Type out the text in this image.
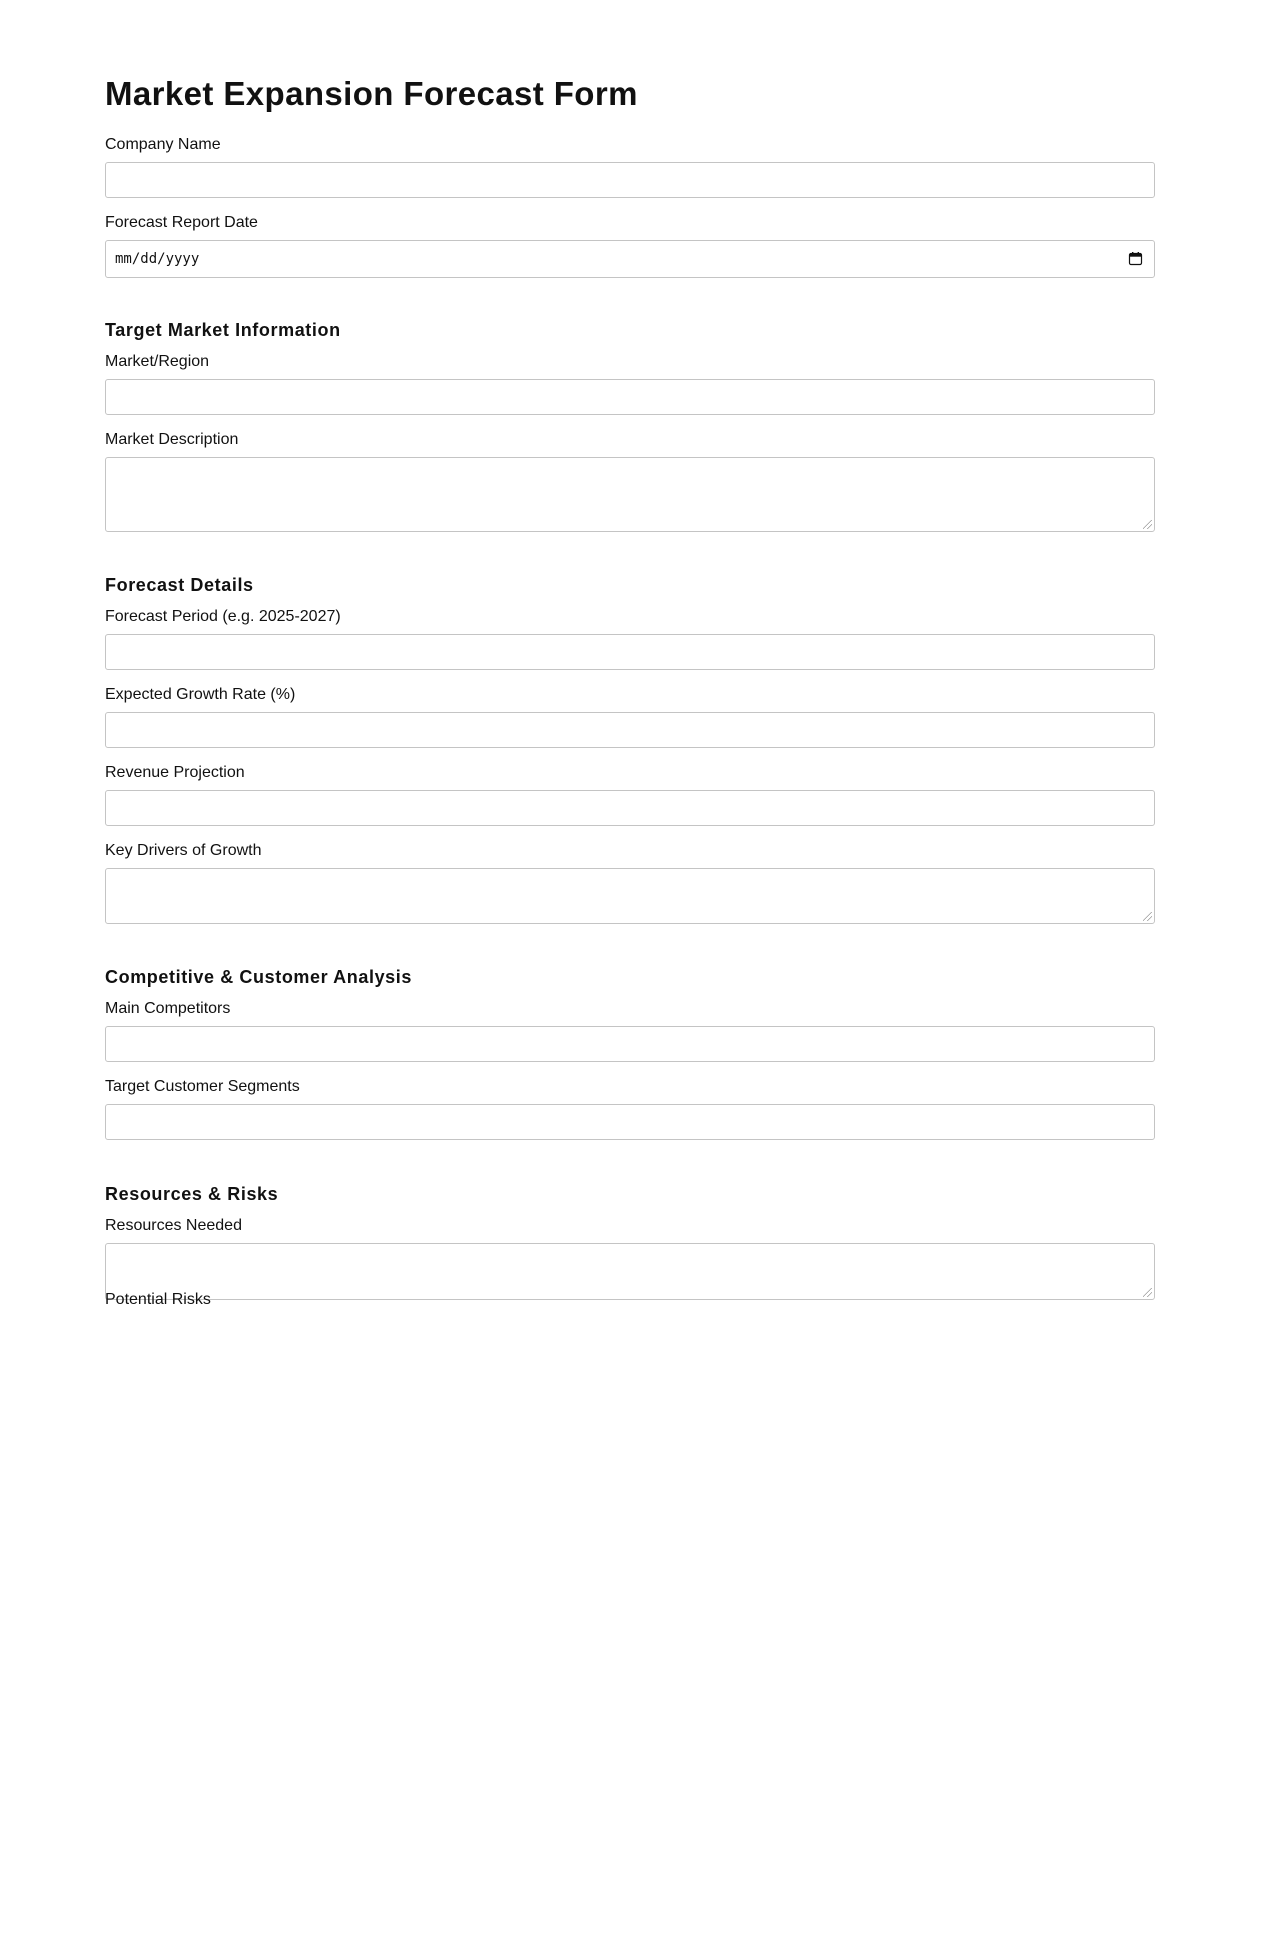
Market Expansion Forecast Form
Company Name
Forecast Report Date
mm/dd/yyyy
Target Market Information
Market/Region
Market Description
Forecast Details
Forecast Period (e.g. 2025-2027)
Expected Growth Rate (%)
Revenue Projection
Key Drivers of Growth
Competitive & Customer Analysis
Main Competitors
Target Customer Segments
Resources & Risks
Resources Needed
Potential Risks
